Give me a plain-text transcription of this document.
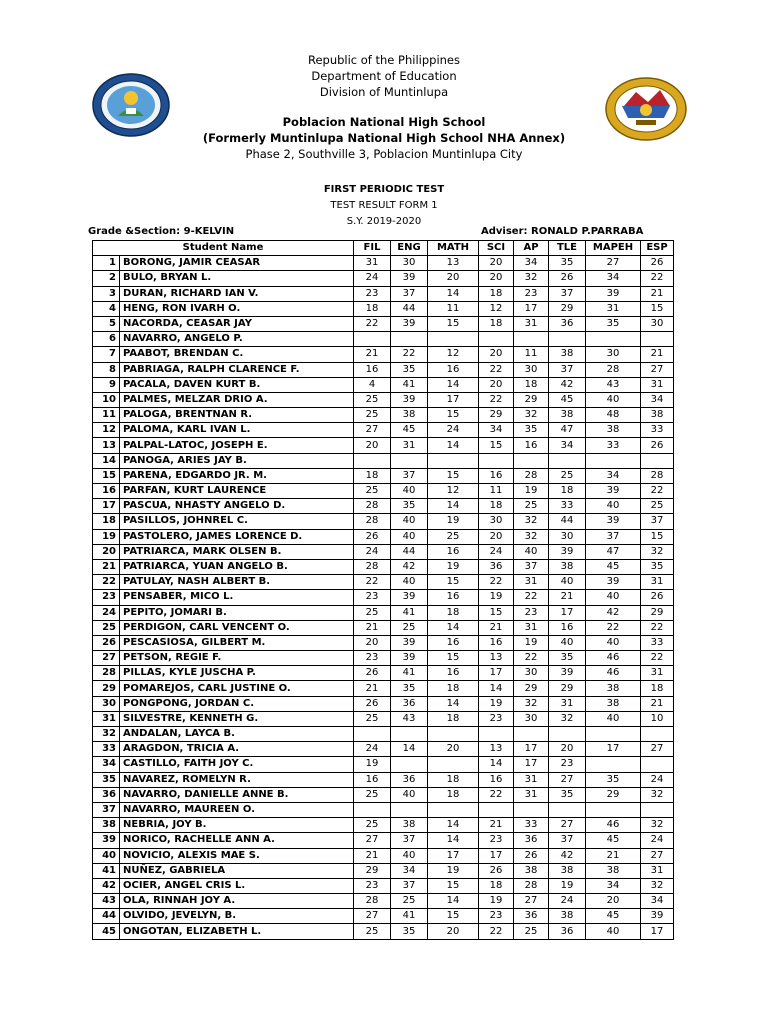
Republic of the Philippines
Department of Education
Division of Muntinlupa
Poblacion National High School
(Formerly Muntinlupa National High School NHA Annex)
Phase 2, Southville 3, Poblacion Muntinlupa City
FIRST PERIODIC TEST
TEST RESULT FORM 1
S.Y. 2019-2020
Grade &Section: 9-KELVIN	Adviser: RONALD P.PARRABA
Student Name		FIL	ENG	MATH	SCI	AP	TLE	MAPEH	ESP
1	BORONG, JAMIR CEASAR	31	30	13	20	34	35	27	26
2	BULO, BRYAN L.	24	39	20	20	32	26	34	22
3	DURAN, RICHARD IAN V.	23	37	14	18	23	37	39	21
4	HENG, RON IVARH O.	18	44	11	12	17	29	31	15
5	NACORDA, CEASAR JAY	22	39	15	18	31	36	35	30
6	NAVARRO, ANGELO P.								
7	PAABOT, BRENDAN C.	21	22	12	20	11	38	30	21
8	PABRIAGA, RALPH CLARENCE F.	16	35	16	22	30	37	28	27
9	PACALA, DAVEN KURT B.	4	41	14	20	18	42	43	31
10	PALMES, MELZAR DRIO A.	25	39	17	22	29	45	40	34
11	PALOGA, BRENTNAN R.	25	38	15	29	32	38	48	38
12	PALOMA, KARL IVAN L.	27	45	24	34	35	47	38	33
13	PALPAL-LATOC, JOSEPH E.	20	31	14	15	16	34	33	26
14	PANOGA, ARIES JAY B.								
15	PARENA, EDGARDO JR. M.	18	37	15	16	28	25	34	28
16	PARFAN, KURT LAURENCE	25	40	12	11	19	18	39	22
17	PASCUA, NHASTY ANGELO D.	28	35	14	18	25	33	40	25
18	PASILLOS, JOHNREL C.	28	40	19	30	32	44	39	37
19	PASTOLERO, JAMES LORENCE D.	26	40	25	20	32	30	37	15
20	PATRIARCA, MARK OLSEN B.	24	44	16	24	40	39	47	32
21	PATRIARCA, YUAN ANGELO B.	28	42	19	36	37	38	45	35
22	PATULAY, NASH ALBERT B.	22	40	15	22	31	40	39	31
23	PENSABER, MICO L.	23	39	16	19	22	21	40	26
24	PEPITO, JOMARI B.	25	41	18	15	23	17	42	29
25	PERDIGON, CARL VENCENT O.	21	25	14	21	31	16	22	22
26	PESCASIOSA, GILBERT M.	20	39	16	16	19	40	40	33
27	PETSON, REGIE F.	23	39	15	13	22	35	46	22
28	PILLAS, KYLE JUSCHA P.	26	41	16	17	30	39	46	31
29	POMAREJOS, CARL JUSTINE O.	21	35	18	14	29	29	38	18
30	PONGPONG, JORDAN C.	26	36	14	19	32	31	38	21
31	SILVESTRE, KENNETH G.	25	43	18	23	30	32	40	10
32	ANDALAN, LAYCA B.								
33	ARAGDON, TRICIA A.	24	14	20	13	17	20	17	27
34	CASTILLO, FAITH JOY C.	19			14	17	23		
35	NAVAREZ, ROMELYN R.	16	36	18	16	31	27	35	24
36	NAVARRO, DANIELLE ANNE B.	25	40	18	22	31	35	29	32
37	NAVARRO, MAUREEN O.								
38	NEBRIA, JOY B.	25	38	14	21	33	27	46	32
39	NORICO, RACHELLE ANN A.	27	37	14	23	36	37	45	24
40	NOVICIO, ALEXIS MAE S.	21	40	17	17	26	42	21	27
41	NUÑEZ, GABRIELA	29	34	19	26	38	38	38	31
42	OCIER, ANGEL CRIS L.	23	37	15	18	28	19	34	32
43	OLA, RINNAH JOY A.	28	25	14	19	27	24	20	34
44	OLVIDO, JEVELYN, B.	27	41	15	23	36	38	45	39
45	ONGOTAN, ELIZABETH L.	25	35	20	22	25	36	40	17
